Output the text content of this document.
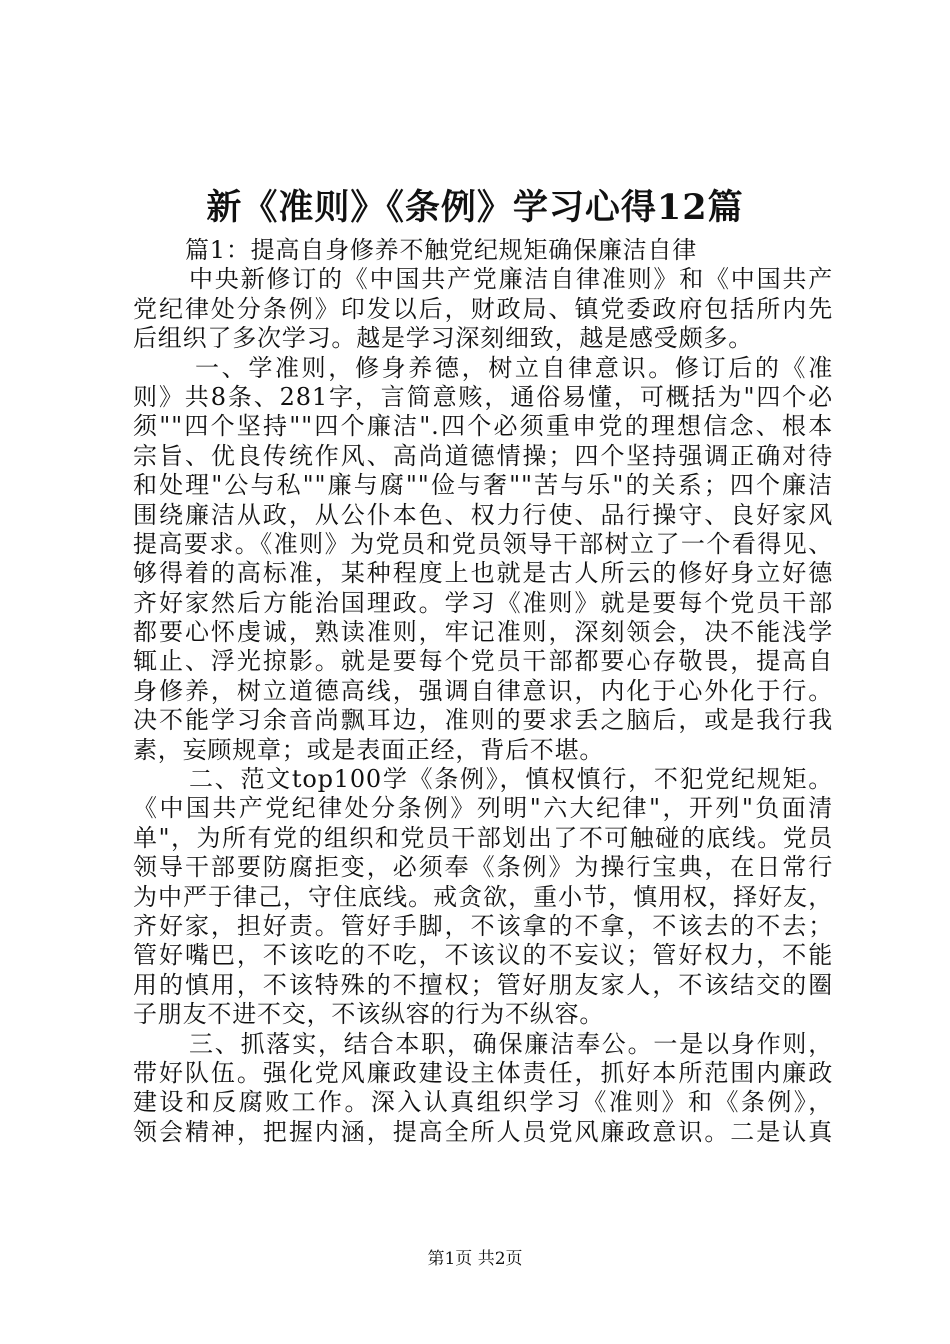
新《准则》《条例》学习心得12篇
篇1：提高自身修养不触党纪规矩确保廉洁自律
中央新修订的《中国共产党廉洁自律准则》和《中国共产
党纪律处分条例》印发以后，财政局、镇党委政府包括所内先
后组织了多次学习。越是学习深刻细致，越是感受颇多。
一、学准则，修身养德，树立自律意识。修订后的《准
则》共8条、281字，言简意赅，通俗易懂，可概括为"四个必
须""四个坚持""四个廉洁".四个必须重申党的理想信念、根本
宗旨、优良传统作风、高尚道德情操；四个坚持强调正确对待
和处理"公与私""廉与腐""俭与奢""苦与乐"的关系；四个廉洁
围绕廉洁从政，从公仆本色、权力行使、品行操守、良好家风
提高要求。《准则》为党员和党员领导干部树立了一个看得见、
够得着的高标准，某种程度上也就是古人所云的修好身立好德
齐好家然后方能治国理政。学习《准则》就是要每个党员干部
都要心怀虔诚，熟读准则，牢记准则，深刻领会，决不能浅学
辄止、浮光掠影。就是要每个党员干部都要心存敬畏，提高自
身修养，树立道德高线，强调自律意识，内化于心外化于行。
决不能学习余音尚飘耳边，准则的要求丢之脑后，或是我行我
素，妄顾规章；或是表面正经，背后不堪。
二、范文top100学《条例》，慎权慎行，不犯党纪规矩。
《中国共产党纪律处分条例》列明"六大纪律"，开列"负面清
单"，为所有党的组织和党员干部划出了不可触碰的底线。党员
领导干部要防腐拒变，必须奉《条例》为操行宝典，在日常行
为中严于律己，守住底线。戒贪欲，重小节，慎用权，择好友，
齐好家，担好责。管好手脚，不该拿的不拿，不该去的不去；
管好嘴巴，不该吃的不吃，不该议的不妄议；管好权力，不能
用的慎用，不该特殊的不擅权；管好朋友家人，不该结交的圈
子朋友不进不交，不该纵容的行为不纵容。
三、抓落实，结合本职，确保廉洁奉公。一是以身作则，
带好队伍。强化党风廉政建设主体责任，抓好本所范围内廉政
建设和反腐败工作。深入认真组织学习《准则》和《条例》，
领会精神，把握内涵，提高全所人员党风廉政意识。二是认真
第1页 共2页
